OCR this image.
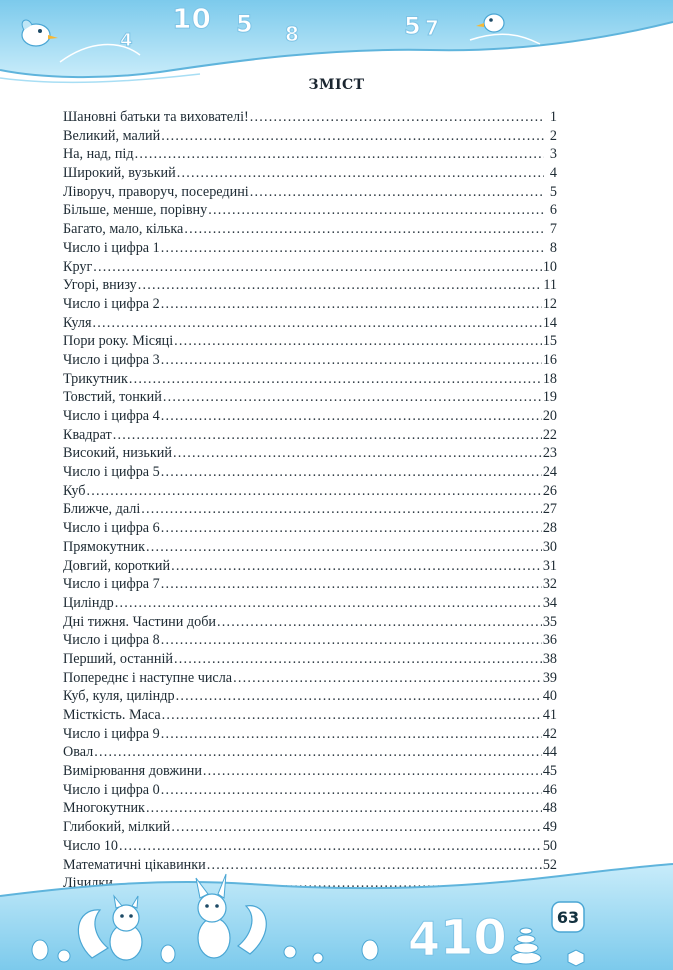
4
10 5 8	5 7
ЗМІСТ
Шановні батьки та вихователі! .....	1
Великий, малий .....	2
На, над, під .....	3
Широкий, вузький .....	4
Ліворуч, праворуч, посередині .....	5
Більше, менше, порівну .....	6
Багато, мало, кілька .....	7
Число і цифра 1 .....	8
Круг .....	10
Угорі, внизу .....	11
Число і цифра 2 .....	12
Куля .....	14
Пори року. Місяці .....	15
Число і цифра 3 .....	16
Трикутник .....	18
Товстий, тонкий .....	19
Число і цифра 4 .....	20
Квадрат .....	22
Високий, низький .....	23
Число і цифра 5 .....	24
Куб .....	26
Ближче, далі .....	27
Число і цифра 6 .....	28
Прямокутник .....	30
Довгий, короткий .....	31
Число і цифра 7 .....	32
Циліндр .....	34
Дні тижня. Частини доби .....	35
Число і цифра 8 .....	36
Перший, останній .....	38
Попереднє і наступне числа .....	39
Куб, куля, циліндр .....	40
Місткість. Маса .....	41
Число і цифра 9 .....	42
Овал .....	44
Вимірювання довжини .....	45
Число і цифра 0 .....	46
Многокутник .....	48
Глибокий, мілкий .....	49
Число 10 .....	50
Математичні цікавинки .....	52
Лічилки
.....
4 10	63
